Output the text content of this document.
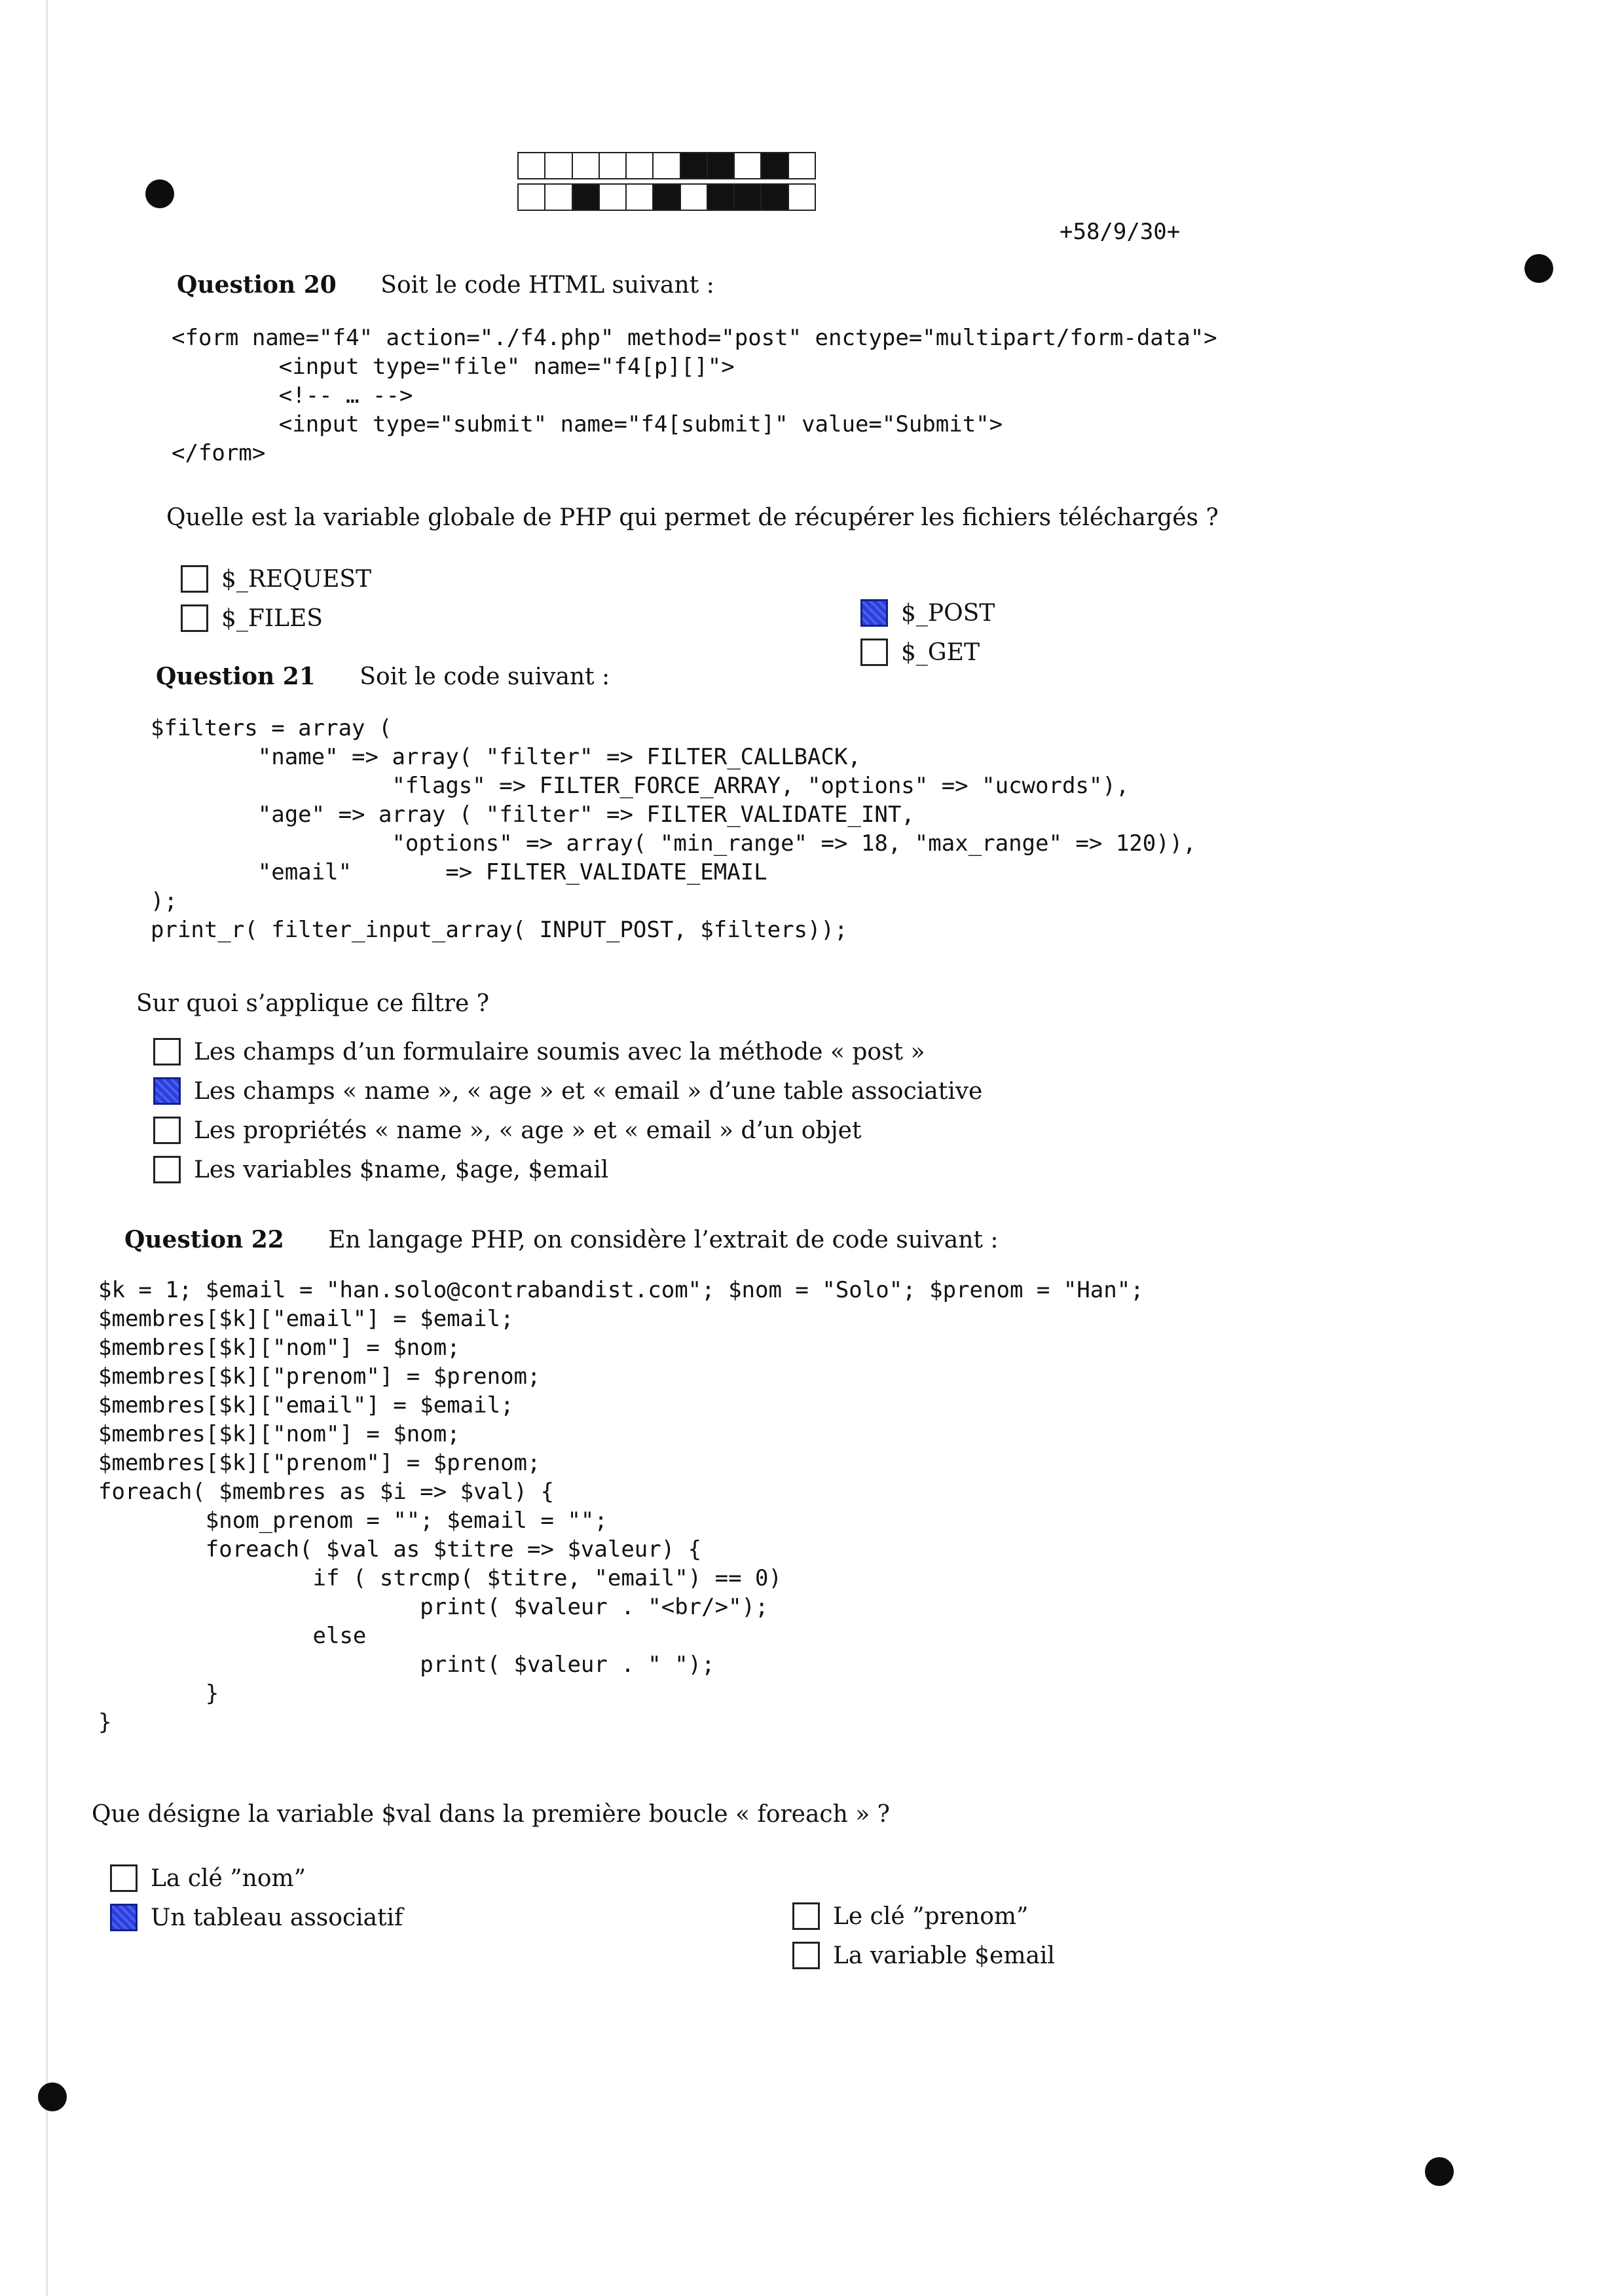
+58/9/30+
Question 20 Soit le code HTML suivant :
<form name="f4" action="./f4.php" method="post" enctype="multipart/form-data">
<input type="file" name="f4[p][]">
<!-- … -->
<input type="submit" name="f4[submit]" value="Submit">
</form>
Quelle est la variable globale de PHP qui permet de récupérer les fichiers téléchargés ?
$_REQUEST
$_FILES	$_POST
$_GET
Question 21 Soit le code suivant :
$filters = array (
"name" => array( "filter" => FILTER_CALLBACK,
"flags" => FILTER_FORCE_ARRAY, "options" => "ucwords"),
"age" => array ( "filter" => FILTER_VALIDATE_INT,
"options" => array( "min_range" => 18, "max_range" => 120)),
"email"       => FILTER_VALIDATE_EMAIL
);
print_r( filter_input_array( INPUT_POST, $filters));
Sur quoi s’applique ce filtre ?
Les champs d’un formulaire soumis avec la méthode « post »
Les champs « name », « age » et « email » d’une table associative
Les propriétés « name », « age » et « email » d’un objet
Les variables $name, $age, $email
Question 22 En langage PHP, on considère l’extrait de code suivant :
$k = 1; $email = "han.solo@contrabandist.com"; $nom = "Solo"; $prenom = "Han";
$membres[$k]["email"] = $email;
$membres[$k]["nom"] = $nom;
$membres[$k]["prenom"] = $prenom;
$membres[$k]["email"] = $email;
$membres[$k]["nom"] = $nom;
$membres[$k]["prenom"] = $prenom;
foreach( $membres as $i => $val) {
$nom_prenom = ""; $email = "";
foreach( $val as $titre => $valeur) {
if ( strcmp( $titre, "email") == 0)
print( $valeur . "<br/>");
else
print( $valeur . " ");
}
}
Que désigne la variable $val dans la première boucle « foreach » ?
La clé ”nom”
Un tableau associatif	Le clé ”prenom”
La variable $email
